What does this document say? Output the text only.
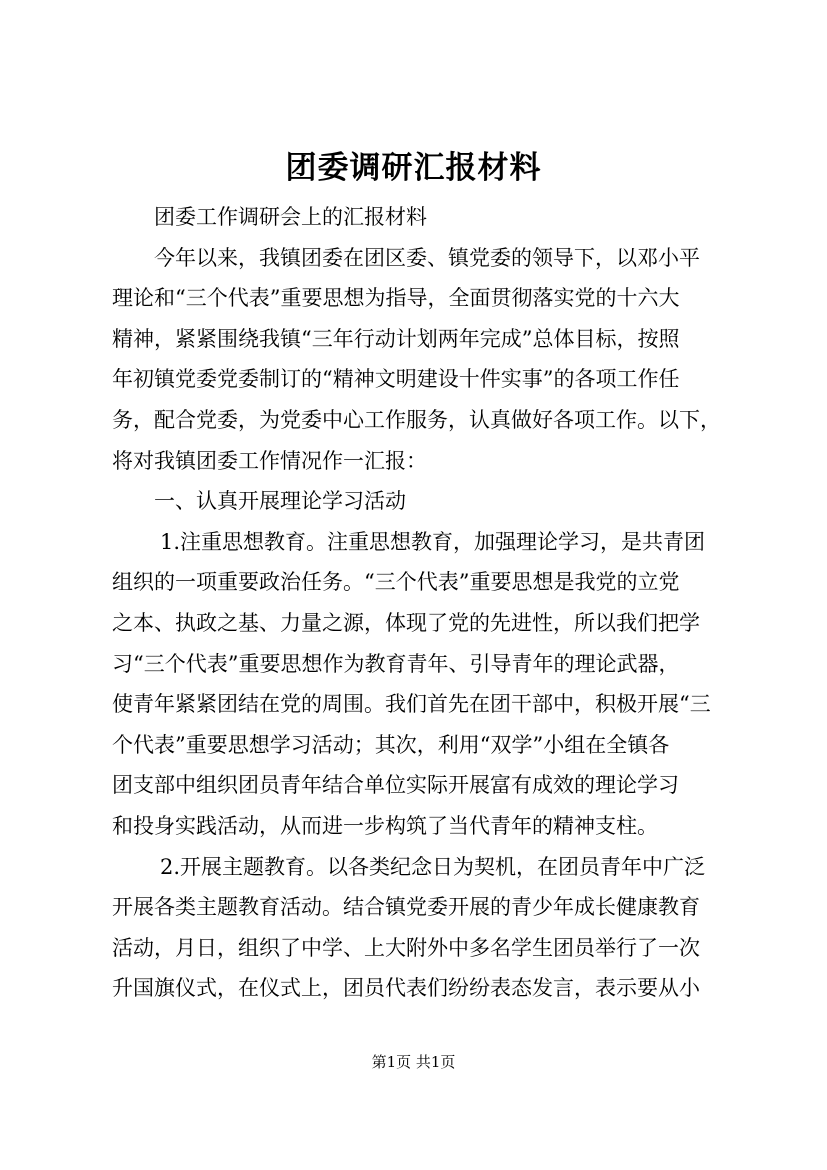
团委调研汇报材料
团委工作调研会上的汇报材料
今年以来，我镇团委在团区委、镇党委的领导下，以邓小平
理论和“三个代表”重要思想为指导，全面贯彻落实党的十六大
精神，紧紧围绕我镇“三年行动计划两年完成”总体目标，按照
年初镇党委党委制订的“精神文明建设十件实事”的各项工作任
务，配合党委，为党委中心工作服务，认真做好各项工作。以下，
将对我镇团委工作情况作一汇报：
一、认真开展理论学习活动
1.注重思想教育。注重思想教育，加强理论学习，是共青团
组织的一项重要政治任务。“三个代表”重要思想是我党的立党
之本、执政之基、力量之源，体现了党的先进性，所以我们把学
习“三个代表”重要思想作为教育青年、引导青年的理论武器，
使青年紧紧团结在党的周围。我们首先在团干部中，积极开展“三
个代表”重要思想学习活动；其次，利用“双学”小组在全镇各
团支部中组织团员青年结合单位实际开展富有成效的理论学习
和投身实践活动，从而进一步构筑了当代青年的精神支柱。
2.开展主题教育。以各类纪念日为契机，在团员青年中广泛
开展各类主题教育活动。结合镇党委开展的青少年成长健康教育
活动，月日，组织了中学、上大附外中多名学生团员举行了一次
升国旗仪式，在仪式上，团员代表们纷纷表态发言，表示要从小
第1页 共1页
